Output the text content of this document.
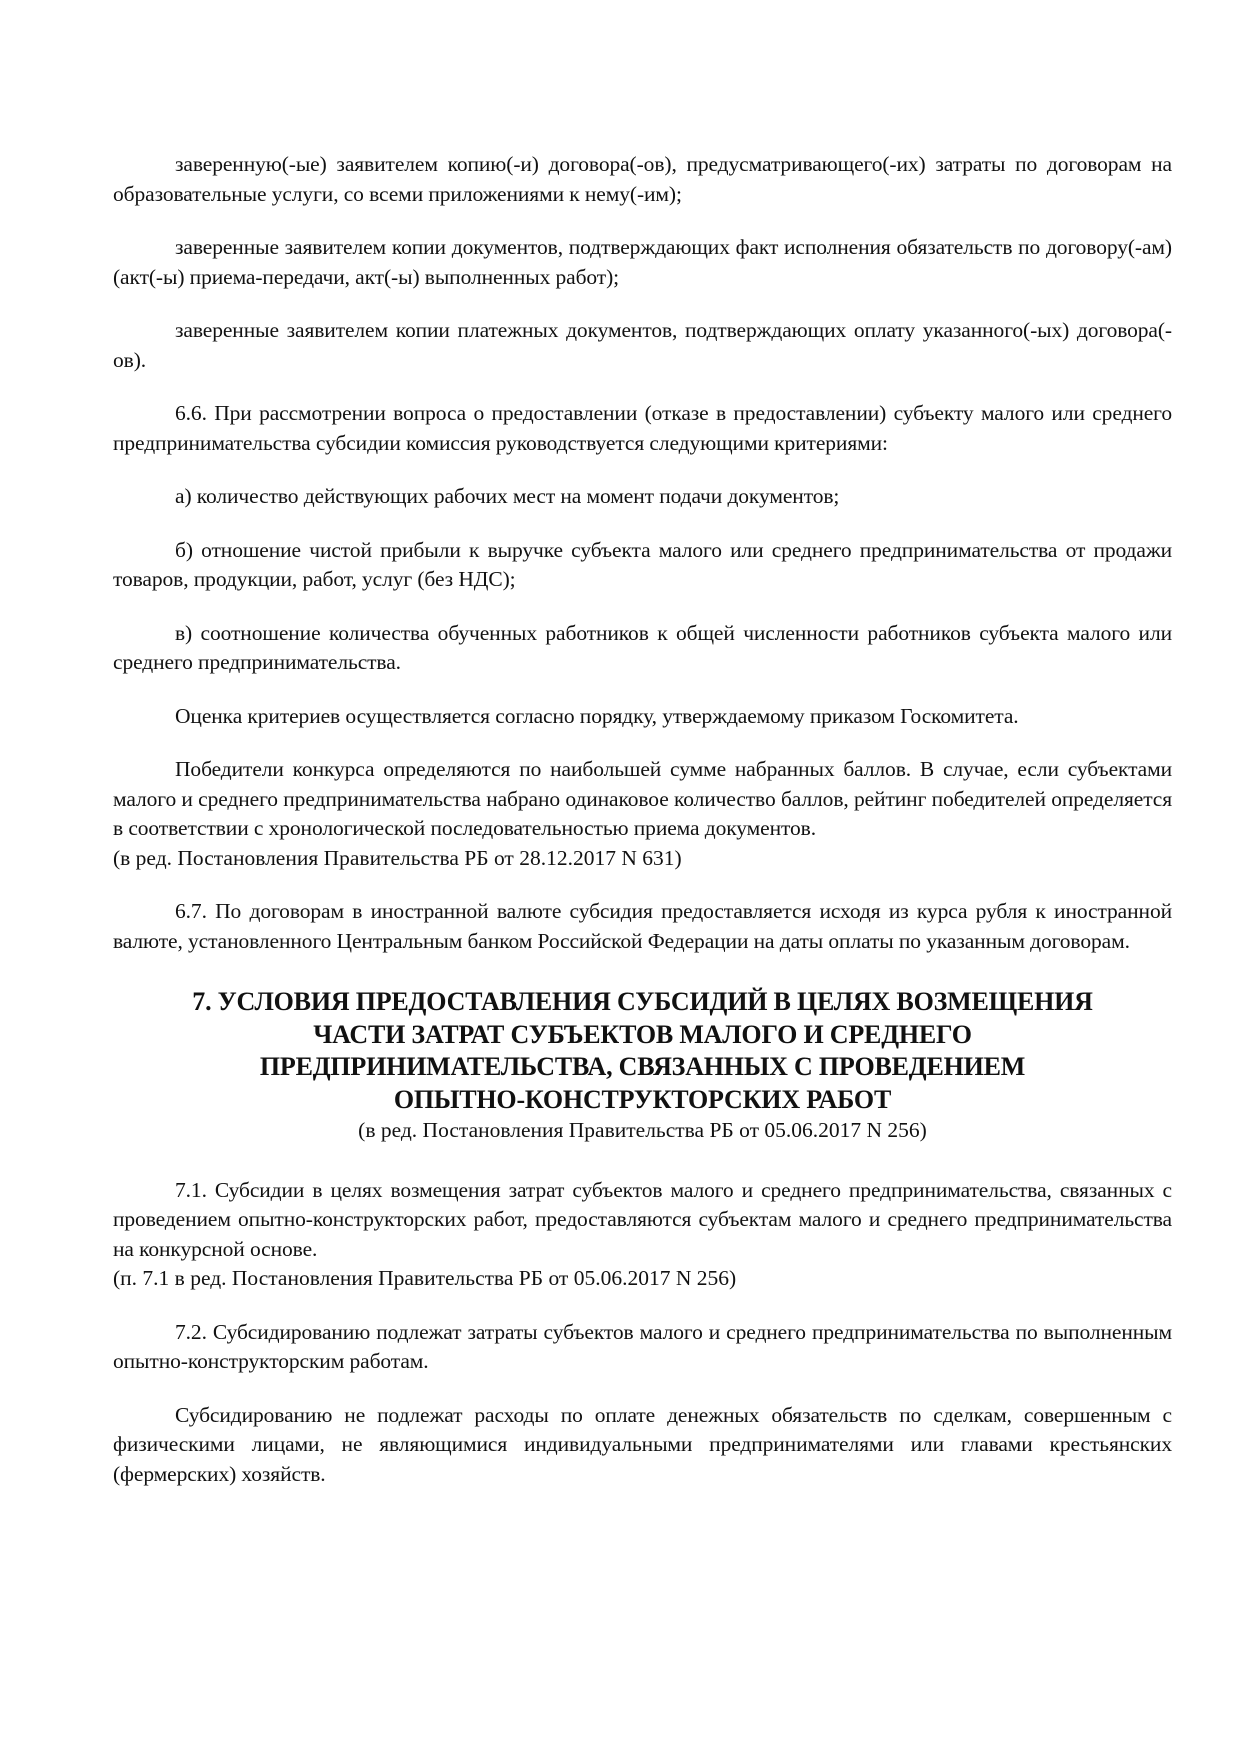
заверенную(-ые) заявителем копию(-и) договора(-ов), предусматривающего(-их) затраты по договорам на образовательные услуги, со всеми приложениями к нему(-им);

заверенные заявителем копии документов, подтверждающих факт исполнения обязательств по договору(-ам) (акт(-ы) приема-передачи, акт(-ы) выполненных работ);

заверенные заявителем копии платежных документов, подтверждающих оплату указанного(-ых) договора(-ов).

6.6. При рассмотрении вопроса о предоставлении (отказе в предоставлении) субъекту малого или среднего предпринимательства субсидии комиссия руководствуется следующими критериями:

а) количество действующих рабочих мест на момент подачи документов;

б) отношение чистой прибыли к выручке субъекта малого или среднего предпринимательства от продажи товаров, продукции, работ, услуг (без НДС);

в) соотношение количества обученных работников к общей численности работников субъекта малого или среднего предпринимательства.

Оценка критериев осуществляется согласно порядку, утверждаемому приказом Госкомитета.

Победители конкурса определяются по наибольшей сумме набранных баллов. В случае, если субъектами малого и среднего предпринимательства набрано одинаковое количество баллов, рейтинг победителей определяется в соответствии с хронологической последовательностью приема документов.

(в ред. Постановления Правительства РБ от 28.12.2017 N 631)

6.7. По договорам в иностранной валюте субсидия предоставляется исходя из курса рубля к иностранной валюте, установленного Центральным банком Российской Федерации на даты оплаты по указанным договорам.

7. УСЛОВИЯ ПРЕДОСТАВЛЕНИЯ СУБСИДИЙ В ЦЕЛЯХ ВОЗМЕЩЕНИЯ
ЧАСТИ ЗАТРАТ СУБЪЕКТОВ МАЛОГО И СРЕДНЕГО
ПРЕДПРИНИМАТЕЛЬСТВА, СВЯЗАННЫХ С ПРОВЕДЕНИЕМ
ОПЫТНО-КОНСТРУКТОРСКИХ РАБОТ

(в ред. Постановления Правительства РБ от 05.06.2017 N 256)

7.1. Субсидии в целях возмещения затрат субъектов малого и среднего предпринимательства, связанных с проведением опытно-конструкторских работ, предоставляются субъектам малого и среднего предпринимательства на конкурсной основе.

(п. 7.1 в ред. Постановления Правительства РБ от 05.06.2017 N 256)

7.2. Субсидированию подлежат затраты субъектов малого и среднего предпринимательства по выполненным опытно-конструкторским работам.

Субсидированию не подлежат расходы по оплате денежных обязательств по сделкам, совершенным с физическими лицами, не являющимися индивидуальными предпринимателями или главами крестьянских (фермерских) хозяйств.
